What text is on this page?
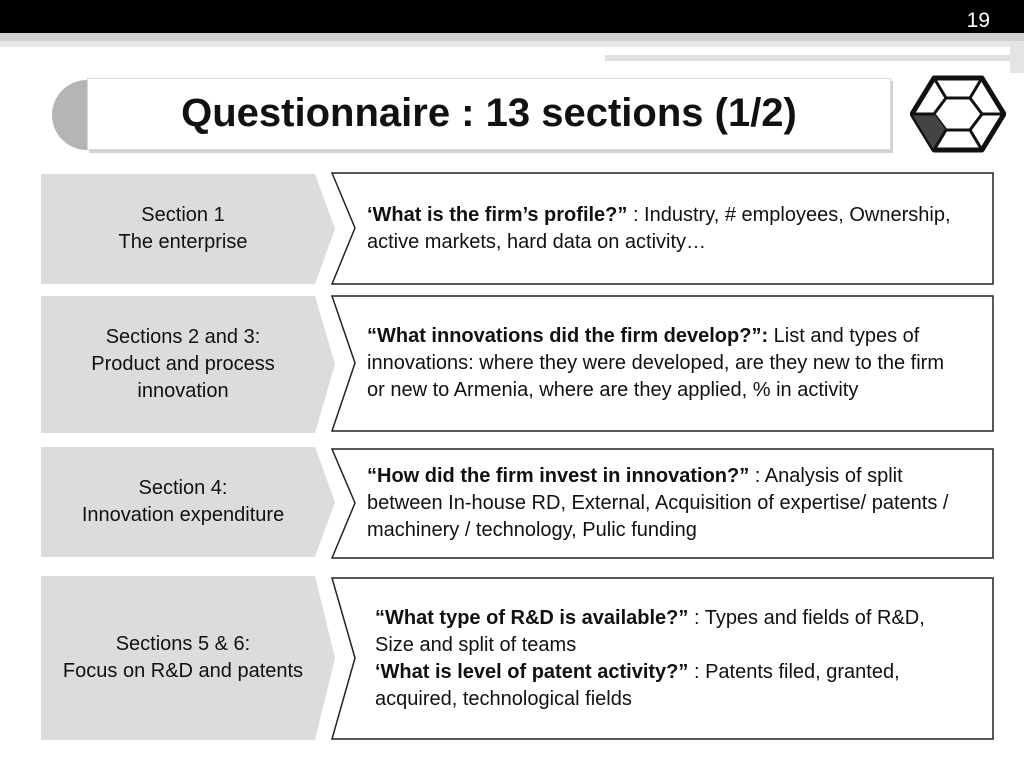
19
Questionnaire : 13 sections (1/2)
Section 1
The enterprise
‘What is the firm’s profile?” : Industry, # employees, Ownership, active markets, hard data on activity…
Sections 2 and 3:
Product and process
innovation
“What innovations did the firm develop?”: List and types of innovations: where they were developed, are they new to the firm or new to Armenia, where are they applied, % in activity
Section 4:
Innovation expenditure
“How did the firm invest in innovation?” : Analysis of split between In-house RD, External, Acquisition of expertise/ patents / machinery / technology, Pulic funding
Sections 5 & 6:
Focus on R&D and patents
“What type of R&D is available?” : Types and fields of R&D, Size and split of teams
‘What is level of patent activity?” : Patents filed, granted, acquired, technological fields
